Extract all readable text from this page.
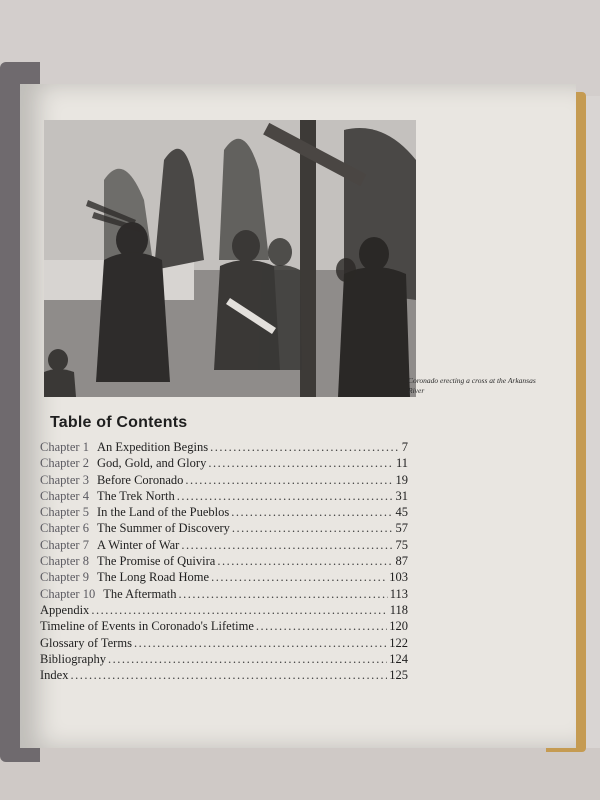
Coronado erecting a cross at the Arkansas River
Table of Contents
Chapter 1 An Expedition Begins .....	7
Chapter 2 God, Gold, and Glory .....	11
Chapter 3 Before Coronado .....	19
Chapter 4 The Trek North .....	31
Chapter 5 In the Land of the Pueblos .....	45
Chapter 6 The Summer of Discovery .....	57
Chapter 7 A Winter of War .....	75
Chapter 8 The Promise of Quivira .....	87
Chapter 9 The Long Road Home .....	103
Chapter 10 The Aftermath .....	113
Appendix .....	118
Timeline of Events in Coronado's Lifetime .....	120
Glossary of Terms .....	122
Bibliography .....	124
Index .....	125
